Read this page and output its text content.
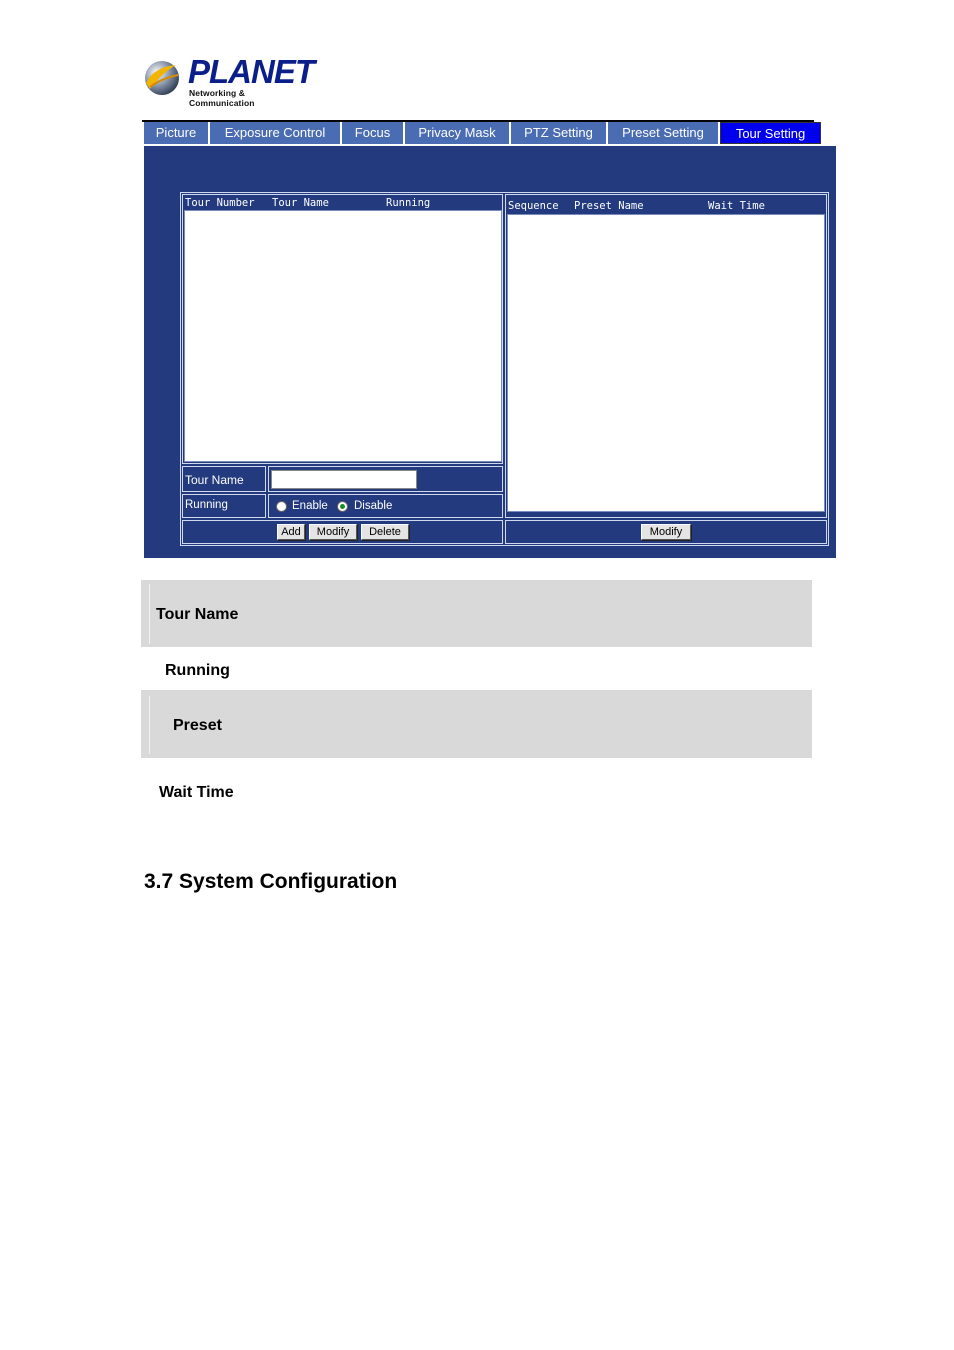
PLANET
Networking & Communication
Picture	Exposure Control	Focus	Privacy Mask	PTZ Setting	Preset Setting	Tour Setting
Tour Number Tour Name	Running
Tour Name
Running	Enable Disable
Add	Modify	Delete
Sequence Preset Name	Wait Time
Modify
Tour Name
Running
Preset
Wait Time
3.7 System Configuration
